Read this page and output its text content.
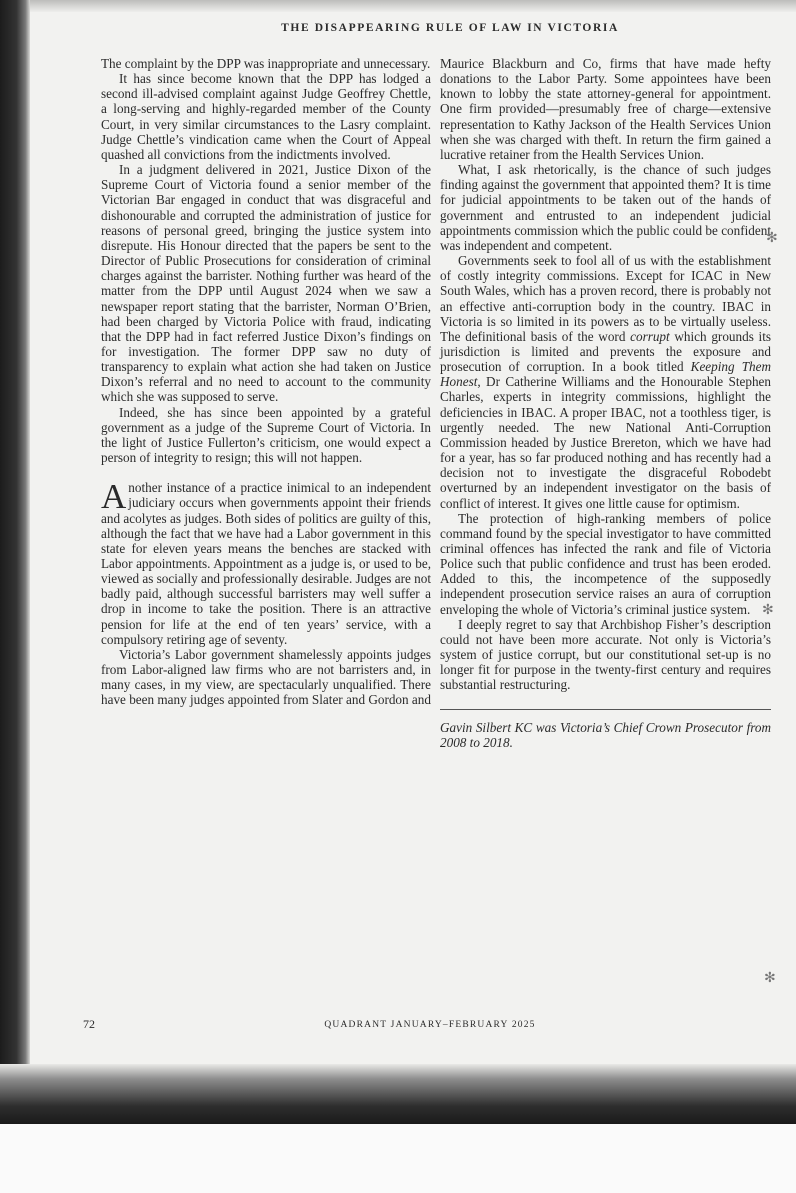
THE DISAPPEARING RULE OF LAW IN VICTORIA

The complaint by the DPP was inappropriate and unnecessary.

It has since become known that the DPP has lodged a second ill-advised complaint against Judge Geoffrey Chettle, a long-serving and highly-regarded member of the County Court, in very similar circumstances to the Lasry complaint. Judge Chettle’s vindication came when the Court of Appeal quashed all convictions from the indictments involved.

In a judgment delivered in 2021, Justice Dixon of the Supreme Court of Victoria found a senior member of the Victorian Bar engaged in conduct that was disgraceful and dishonourable and corrupted the administration of justice for reasons of personal greed, bringing the justice system into disrepute. His Honour directed that the papers be sent to the Director of Public Prosecutions for consideration of criminal charges against the barrister. Nothing further was heard of the matter from the DPP until August 2024 when we saw a newspaper report stating that the barrister, Norman O’Brien, had been charged by Victoria Police with fraud, indicating that the DPP had in fact referred Justice Dixon’s findings on for investigation. The former DPP saw no duty of transparency to explain what action she had taken on Justice Dixon’s referral and no need to account to the community which she was supposed to serve.

Indeed, she has since been appointed by a grateful government as a judge of the Supreme Court of Victoria. In the light of Justice Fullerton’s criticism, one would expect a person of integrity to resign; this will not happen.

Another instance of a practice inimical to an independent judiciary occurs when governments appoint their friends and acolytes as judges. Both sides of politics are guilty of this, although the fact that we have had a Labor government in this state for eleven years means the benches are stacked with Labor appointments. Appointment as a judge is, or used to be, viewed as socially and professionally desirable. Judges are not badly paid, although successful barristers may well suffer a drop in income to take the position. There is an attractive pension for life at the end of ten years’ service, with a compulsory retiring age of seventy.

Victoria’s Labor government shamelessly appoints judges from Labor-aligned law firms who are not barristers and, in many cases, in my view, are spectacularly unqualified. There have been many judges appointed from Slater and Gordon and

Maurice Blackburn and Co, firms that have made hefty donations to the Labor Party. Some appointees have been known to lobby the state attorney-general for appointment. One firm provided—presumably free of charge—extensive representation to Kathy Jackson of the Health Services Union when she was charged with theft. In return the firm gained a lucrative retainer from the Health Services Union.

What, I ask rhetorically, is the chance of such judges finding against the government that appointed them? It is time for judicial appointments to be taken out of the hands of government and entrusted to an independent judicial appointments commission which the public could be confident was independent and competent.

Governments seek to fool all of us with the establishment of costly integrity commissions. Except for ICAC in New South Wales, which has a proven record, there is probably not an effective anti-corruption body in the country. IBAC in Victoria is so limited in its powers as to be virtually useless. The definitional basis of the word corrupt which grounds its jurisdiction is limited and prevents the exposure and prosecution of corruption. In a book titled Keeping Them Honest, Dr Catherine Williams and the Honourable Stephen Charles, experts in integrity commissions, highlight the deficiencies in IBAC. A proper IBAC, not a toothless tiger, is urgently needed. The new National Anti-Corruption Commission headed by Justice Brereton, which we have had for a year, has so far produced nothing and has recently had a decision not to investigate the disgraceful Robodebt overturned by an independent investigator on the basis of conflict of interest. It gives one little cause for optimism.

The protection of high-ranking members of police command found by the special investigator to have committed criminal offences has infected the rank and file of Victoria Police such that public confidence and trust has been eroded. Added to this, the incompetence of the supposedly independent prosecution service raises an aura of corruption enveloping the whole of Victoria’s criminal justice system.

I deeply regret to say that Archbishop Fisher’s description could not have been more accurate. Not only is Victoria’s system of justice corrupt, but our constitutional set-up is no longer fit for purpose in the twenty-first century and requires substantial restructuring.

Gavin Silbert KC was Victoria’s Chief Crown Prosecutor from 2008 to 2018.
✻
✻
✻
72	QUADRANT JANUARY–FEBRUARY 2025
